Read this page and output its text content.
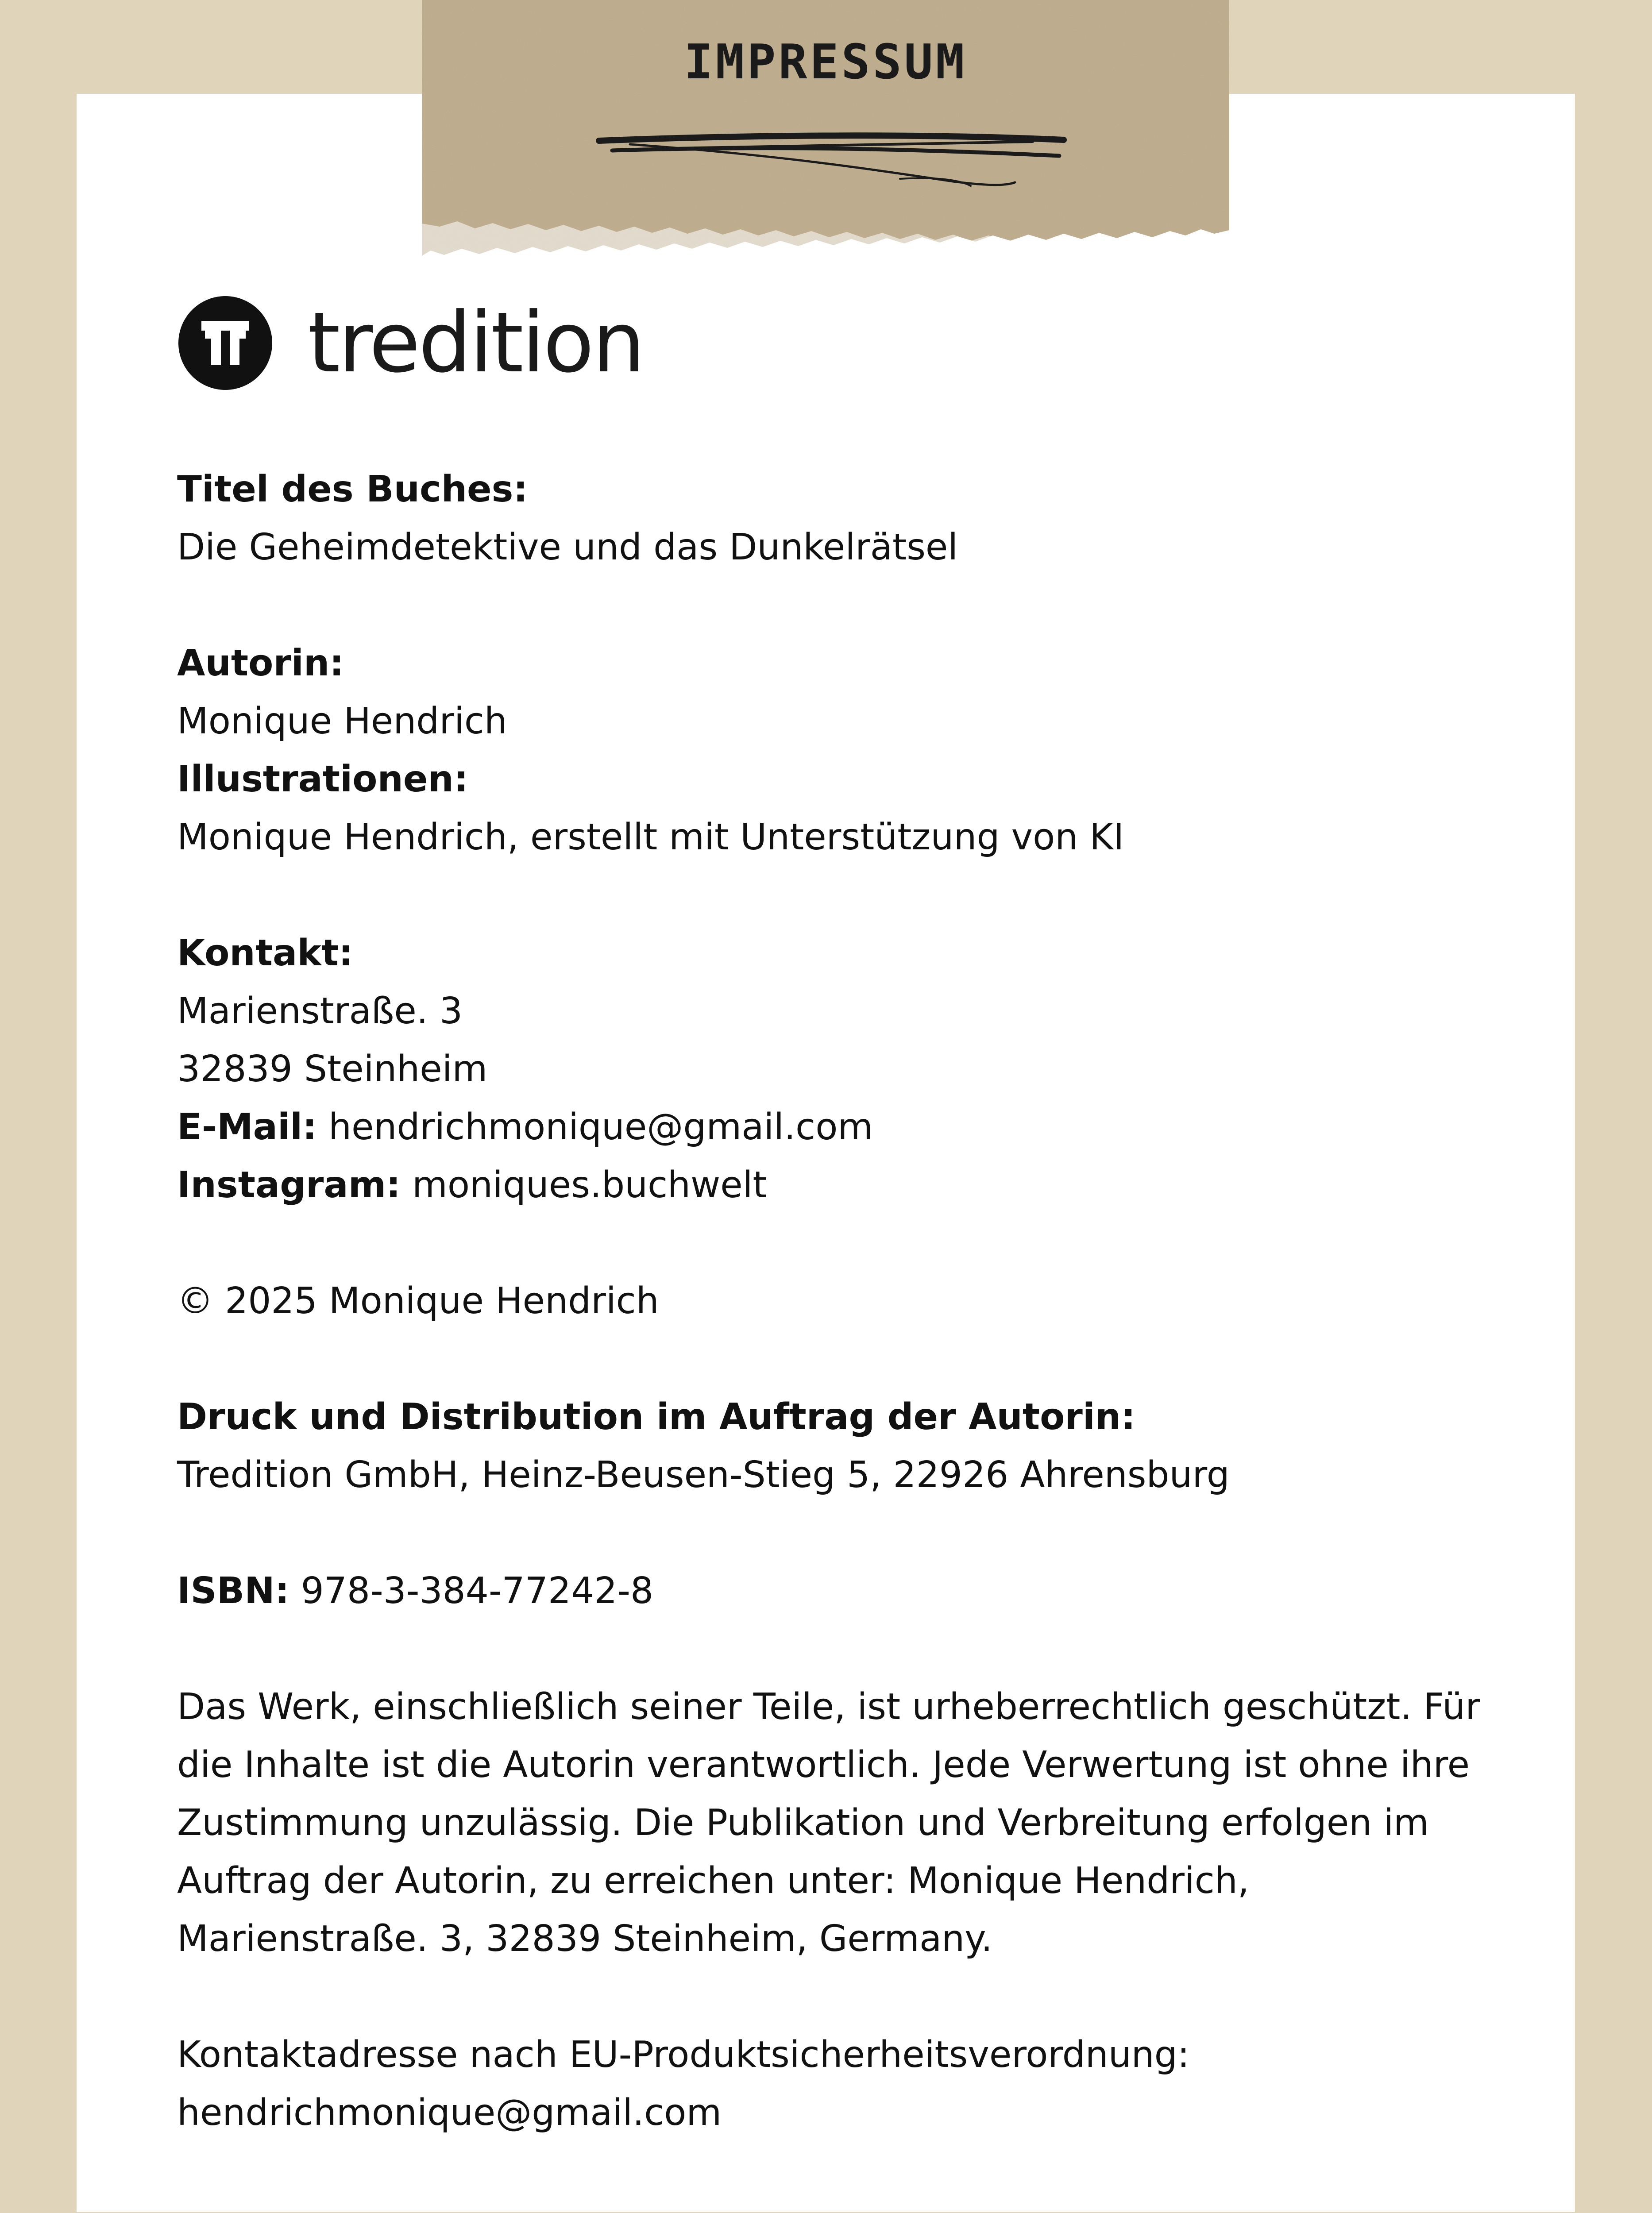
IMPRESSUM
tredition

Titel des Buches:

Die Geheimdetektive und das Dunkelrätsel

Autorin:

Monique Hendrich

Illustrationen:

Monique Hendrich, erstellt mit Unterstützung von KI

Kontakt:

Marienstraße. 3

32839 Steinheim

E-Mail: hendrichmonique@gmail.com

Instagram: moniques.buchwelt

© 2025 Monique Hendrich

Druck und Distribution im Auftrag der Autorin:

Tredition GmbH, Heinz-Beusen-Stieg 5, 22926 Ahrensburg

ISBN: 978-3-384-77242-8

Das Werk, einschließlich seiner Teile, ist urheberrechtlich geschützt. Für

die Inhalte ist die Autorin verantwortlich. Jede Verwertung ist ohne ihre

Zustimmung unzulässig. Die Publikation und Verbreitung erfolgen im

Auftrag der Autorin, zu erreichen unter: Monique Hendrich,

Marienstraße. 3, 32839 Steinheim, Germany.

Kontaktadresse nach EU-Produktsicherheitsverordnung:

hendrichmonique@gmail.com
